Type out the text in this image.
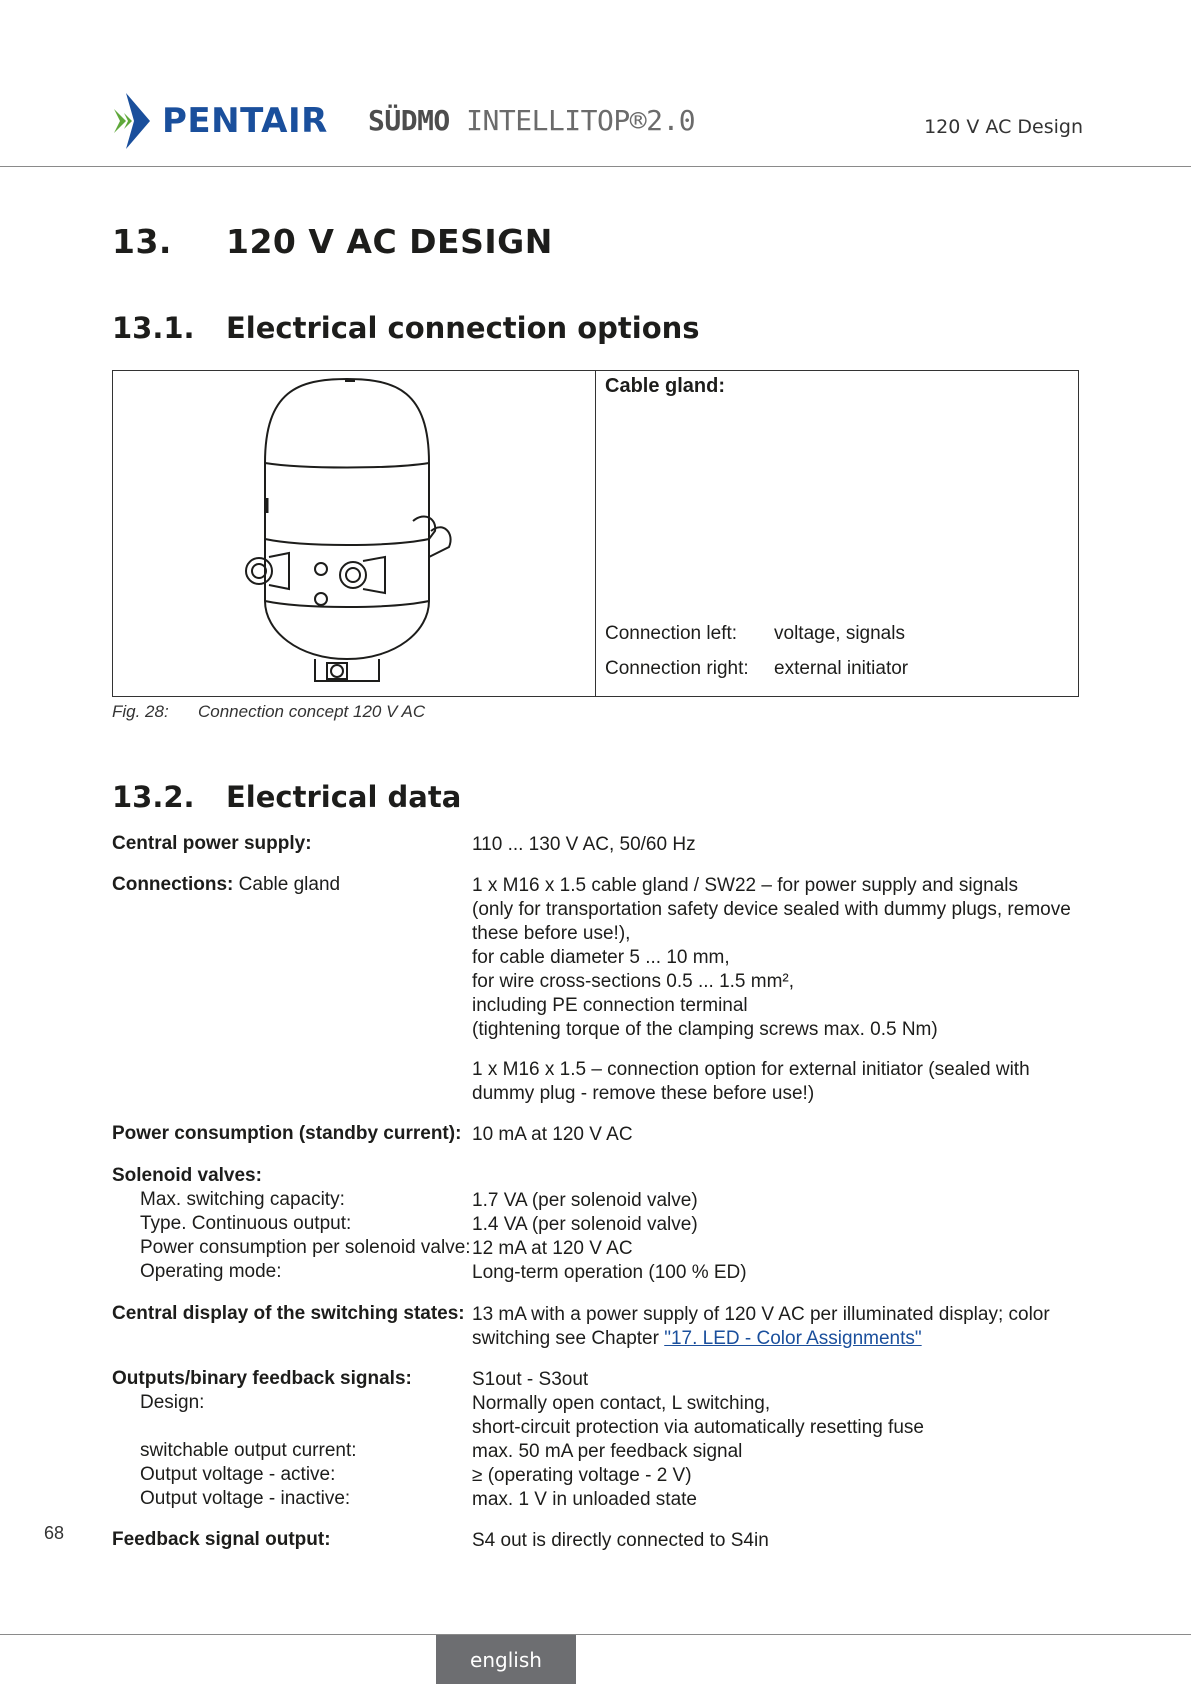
PENTAIR SÜDMO INTELLITOP®2.0	120 V AC Design
13. 120 V AC DESIGN
13.1. Electrical connection options
Cable gland:
Connection left:	voltage, signals
Connection right:	external initiator
Fig. 28:	Connection concept 120 V AC
13.2. Electrical data
Central power supply:	110 ... 130 V AC, 50/60 Hz
Connections: Cable gland	1 x M16 x 1.5 cable gland / SW22 – for power supply and signals
(only for transportation safety device sealed with dummy plugs, remove
these before use!),
for cable diameter 5 ... 10 mm,
for wire cross-sections 0.5 ... 1.5 mm²,
including PE connection terminal
(tightening torque of the clamping screws max. 0.5 Nm)
1 x M16 x 1.5 – connection option for external initiator (sealed with
dummy plug - remove these before use!)
Power consumption (standby current): 10 mA at 120 V AC
Solenoid valves:
Max. switching capacity:	1.7 VA (per solenoid valve)
Type. Continuous output:	1.4 VA (per solenoid valve)
Power consumption per solenoid valve: 12 mA at 120 V AC
Operating mode:	Long-term operation (100 % ED)
Central display of the switching states: 13 mA with a power supply of 120 V AC per illuminated display; color
switching see Chapter "17. LED - Color Assignments"
Outputs/binary feedback signals:	S1out - S3out
Design:	Normally open contact, L switching,
short-circuit protection via automatically resetting fuse
switchable output current:	max. 50 mA per feedback signal
Output voltage - active:	≥ (operating voltage - 2 V)
Output voltage - inactive:	max. 1 V in unloaded state
68	Feedback signal output:	S4 out is directly connected to S4in
english
